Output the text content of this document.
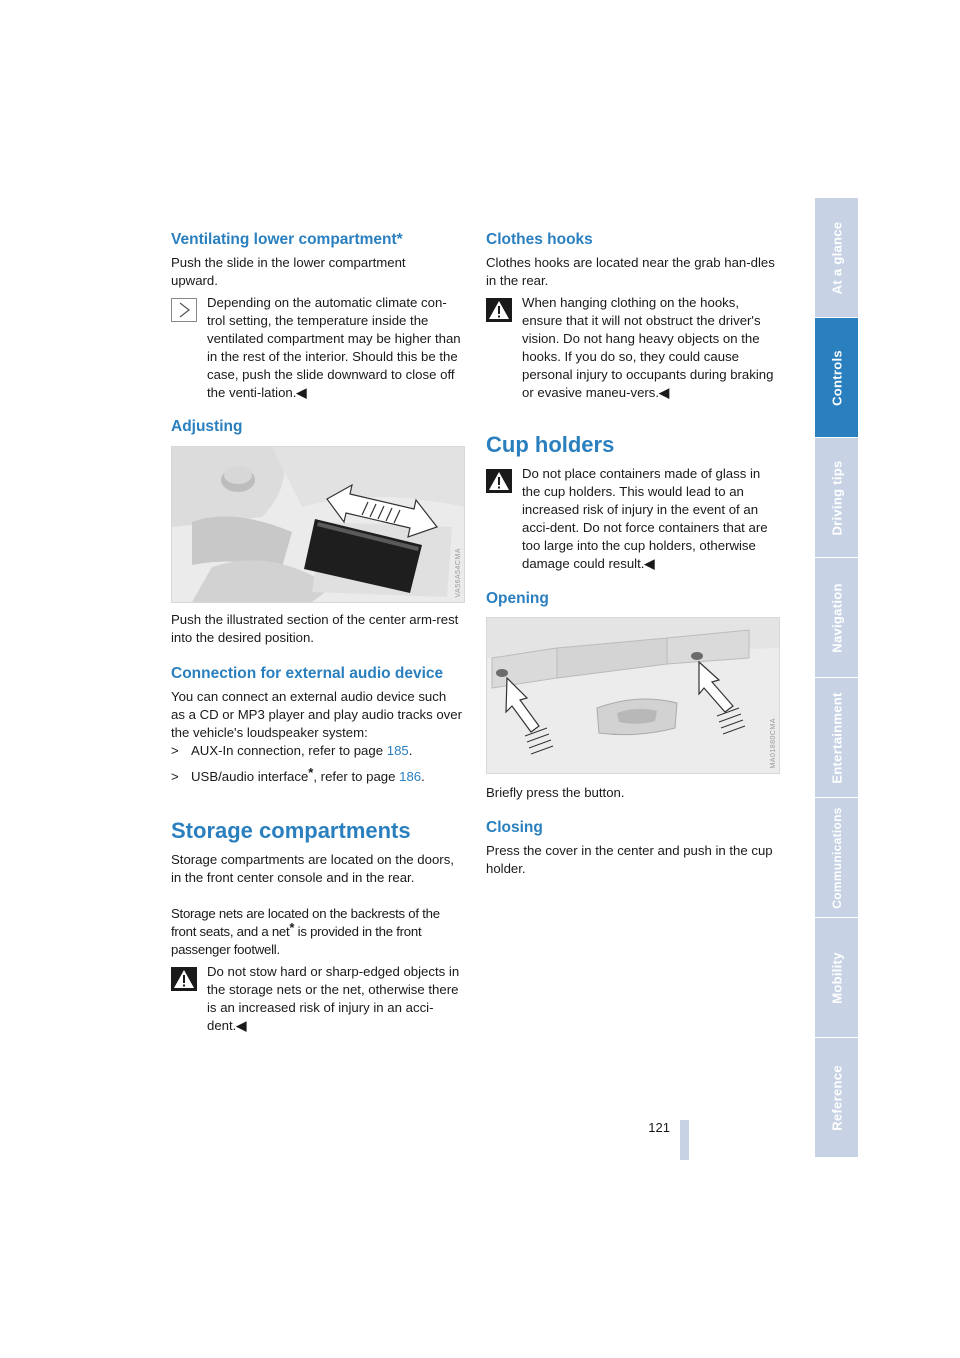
Ventilating lower compartment*
Push the slide in the lower compartment
upward.
Depending on the automatic climate con-trol setting, the temperature inside the ventilated compartment may be higher than in the rest of the interior. Should this be the case, push the slide downward to close off the venti-lation.◀
Adjusting
VA56A54CMA

Push the illustrated section of the center arm-rest into the desired position.

Connection for external audio device

You can connect an external audio device such as a CD or MP3 player and play audio tracks over the vehicle's loudspeaker system:

> AUX-In connection, refer to page 185.
> USB/audio interface*, refer to page 186.
Storage compartments

Storage compartments are located on the doors, in the front center console and in the rear.

Storage nets are located on the backrests of the front seats, and a net* is provided in the front passenger footwell.

Do not stow hard or sharp-edged objects in the storage nets or the net, otherwise there is an increased risk of injury in an acci-dent.◀
Clothes hooks

Clothes hooks are located near the grab han-dles in the rear.

When hanging clothing on the hooks, ensure that it will not obstruct the driver's vision. Do not hang heavy objects on the hooks. If you do so, they could cause personal injury to occupants during braking or evasive maneu-vers.◀
Cup holders
Do not place containers made of glass in the cup holders. This would lead to an increased risk of injury in the event of an acci-dent. Do not force containers that are too large into the cup holders, otherwise damage could result.◀
Opening
MA01880CMA

Briefly press the button.

Closing

Press the cover in the center and push in the cup holder.

At a glance
Controls
Driving tips
Navigation
Entertainment
Communications
Mobility
Reference
121
